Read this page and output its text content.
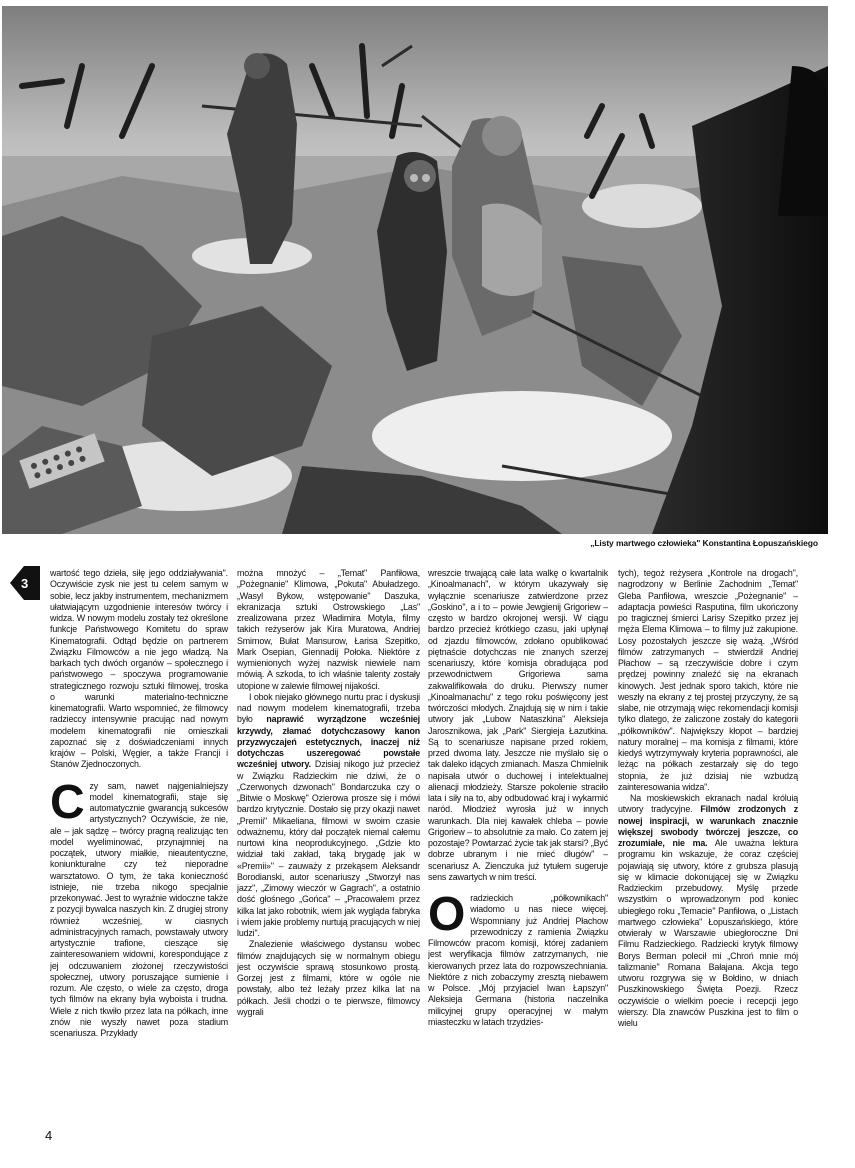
„Listy martwego człowieka" Konstantina Łopuszańskiego
3

wartość tego dzieła, siłę jego oddziaływania". Oczywiście zysk nie jest tu celem samym w sobie, lecz jakby instrumentem, mechanizmem ułatwiającym uzgodnienie interesów twórcy i widza. W nowym modelu zostały też określone funkcje Państwowego Komitetu do spraw Kinematografii. Odtąd będzie on partnerem Związku Filmowców a nie jego władzą. Na barkach tych dwóch organów – społecznego i państwowego – spoczywa programowanie strategicznego rozwoju sztuki filmowej, troska o warunki materialno-techniczne kinematografii. Warto wspomnieć, że filmowcy radzieccy intensywnie pracując nad nowym modelem kinematografii nie omieszkali zapoznać się z doświadczeniami innych krajów – Polski, Węgier, a także Francji i Stanów Zjednoczonych.

Czy sam, nawet najgenialniejszy model kinematografii, staje się automatycznie gwarancją sukcesów artystycznych? Oczywiście, że nie, ale – jak sądzę – twórcy pragną realizując ten model wyeliminować, przynajmniej na początek, utwory miałkie, nieautentyczne, koniunkturalne czy też nieporadne warsztatowo. O tym, że taka konieczność istnieje, nie trzeba nikogo specjalnie przekonywać. Jest to wyraźnie widoczne także z pozycji bywalca naszych kin. Z drugiej strony również wcześniej, w ciasnych administracyjnych ramach, powstawały utwory artystycznie trafione, cieszące się zainteresowaniem widowni, korespondujące z jej odczuwaniem złożonej rzeczywistości społecznej, utwory poruszające sumienie i rozum. Ale często, o wiele za często, droga tych filmów na ekrany była wyboista i trudna. Wiele z nich tkwiło przez lata na półkach, inne znów nie wyszły nawet poza stadium scenariusza. Przykłady

można mnożyć – „Temat" Panfiłowa, „Pożegnanie" Klimowa, „Pokuta" Abuładzego. „Wasyl Bykow, wstępowanie" Daszuka, ekranizacja sztuki Ostrowskiego „Las" zrealizowana przez Władimira Motyla, filmy takich reżyserów jak Kira Muratowa, Andriej Smirnow, Bułat Mansurow, Łarisa Szepitko, Mark Osepian, Giennadij Połoka. Niektóre z wymienionych wyżej nazwisk niewiele nam mówią. A szkoda, to ich właśnie talenty zostały utopione w zalewie filmowej nijakości.

I obok niejako głównego nurtu prac i dyskusji nad nowym modelem kinematografii, trzeba było naprawić wyrządzone wcześniej krzywdy, złamać dotychczasowy kanon przyzwyczajeń estetycznych, inaczej niż dotychczas uszeregować powstałe wcześniej utwory. Dzisiaj nikogo już przecież w Związku Radzieckim nie dziwi, że o „Czerwonych dzwonach" Bondarczuka czy o „Bitwie o Moskwę" Ozierowa prosze się i mówi bardzo krytycznie. Dostało się przy okazji nawet „Premii" Mikaeliana, filmowi w swoim czasie odważnemu, który dał początek niemal całemu nurtowi kina neoprodukcyjnego. „Gdzie kto widział taki zakład, taką brygadę jak w «Premii»" – zauważy z przekąsem Aleksandr Borodianski, autor scenariuszy „Stworzył nas jazz", „Zimowy wieczór w Gagrach", a ostatnio dość głośnego „Gońca" – „Pracowałem przez kilka lat jako robotnik, wiem jak wygląda fabryka i wiem jakie problemy nurtują pracujących w niej ludzi".

Znalezienie właściwego dystansu wobec filmów znajdujących się w normalnym obiegu jest oczywiście sprawą stosunkowo prostą. Gorzej jest z filmami, które w ogóle nie powstały, albo też leżały przez kilka lat na półkach. Jeśli chodzi o te pierwsze, filmowcy wygrali

wreszcie trwającą całe lata walkę o kwartalnik „Kinoalmanach", w którym ukazywały się wyłącznie scenariusze zatwierdzone przez „Goskino", a i to – powie Jewgienij Grigoriew – często w bardzo okrojonej wersji. W ciągu bardzo przecież krótkiego czasu, jaki upłynął od zjazdu filmowców, zdołano opublikować piętnaście dotychczas nie znanych szerzej scenariuszy, które komisja obradująca pod przewodnictwem Grigoriewa sama zakwalifikowała do druku. Pierwszy numer „Kinoalmanachu" z tego roku poświęcony jest twórczości młodych. Znajdują się w nim i takie utwory jak „Lubow Nataszkina" Aleksieja Jarosznikowa, jak „Park" Siergieja Łazutkina. Są to scenariusze napisane przed rokiem, przed dwoma laty. Jeszcze nie myślało się o tak daleko idących zmianach. Masza Chmielnik napisała utwór o duchowej i intelektualnej alienacji młodzieży. Starsze pokolenie straciło lata i siły na to, aby odbudować kraj i wykarmić naród. Młodzież wyrosła już w innych warunkach. Dla niej kawałek chleba – powie Grigoriew – to absolutnie za mało. Co zatem jej pozostaje? Powtarzać życie tak jak starsi? „Być dobrze ubranym i nie mieć długów" – scenariusz A. Zienczuka już tytułem sugeruje sens zawartych w nim treści.

Oradzieckich „półkownikach" wiadomo u nas niece więcej. Wspomniany już Andriej Płachow przewodniczy z ramienia Związku Filmowców pracom komisji, której zadaniem jest weryfikacja filmów zatrzymanych, nie kierowanych przez lata do rozpowszechniania. Niektóre z nich zobaczymy zresztą niebawem w Polsce. „Mój przyjaciel Iwan Łapszyn" Aleksieja Germana (historia naczelnika milicyjnej grupy operacyjnej w małym miasteczku w latach trzydzies-

tych), tegoż reżysera „Kontrole na drogach", nagrodzony w Berlinie Zachodnim „Temat" Gleba Panfiłowa, wreszcie „Pożegnanie" – adaptacja powieści Rasputina, film ukończony po tragicznej śmierci Larisy Szepitko przez jej męża Elema Klimowa – to filmy już zakupione. Losy pozostałych jeszcze się ważą. „Wśród filmów zatrzymanych – stwierdził Andriej Płachow – są rzeczywiście dobre i czym prędzej powinny znaleźć się na ekranach kinowych. Jest jednak sporo takich, które nie weszły na ekrany z tej prostej przyczyny, że są słabe, nie otrzymają więc rekomendacji komisji tylko dlatego, że zaliczone zostały do kategorii „półkowników". Największy kłopot – bardziej natury moralnej – ma komisja z filmami, które kiedyś wytrzymywały kryteria poprawności, ale leżąc na półkach zestarzały się do tego stopnia, że już dzisiaj nie wzbudzą zainteresowania widza".

Na moskiewskich ekranach nadal króluią utwory tradycyjne. Filmów zrodzonych z nowej inspiracji, w warunkach znacznie większej swobody twórczej jeszcze, co zrozumiałe, nie ma. Ale uważna lektura programu kin wskazuje, że coraz częściej pojawiają się utwory, które z grubsza plasują się w klimacie dokonującej się w Związku Radzieckim przebudowy. Myślę przede wszystkim o wprowadzonym pod koniec ubiegłego roku „Temacie" Panfiłowa, o „Listach martwego człowieka" Łopuszańskiego, które otwierały w Warszawie ubiegłoroczne Dni Filmu Radzieckiego. Radziecki krytyk filmowy Borys Berman polecił mi „Chroń mnie mój talizmanie" Romana Bałajana. Akcja tego utworu rozgrywa się w Bołdino, w dniach Puszkinowskiego Święta Poezji. Rzecz oczywiście o wielkim poecie i recepcji jego wierszy. Dla znawców Puszkina jest to film o wielu

4
